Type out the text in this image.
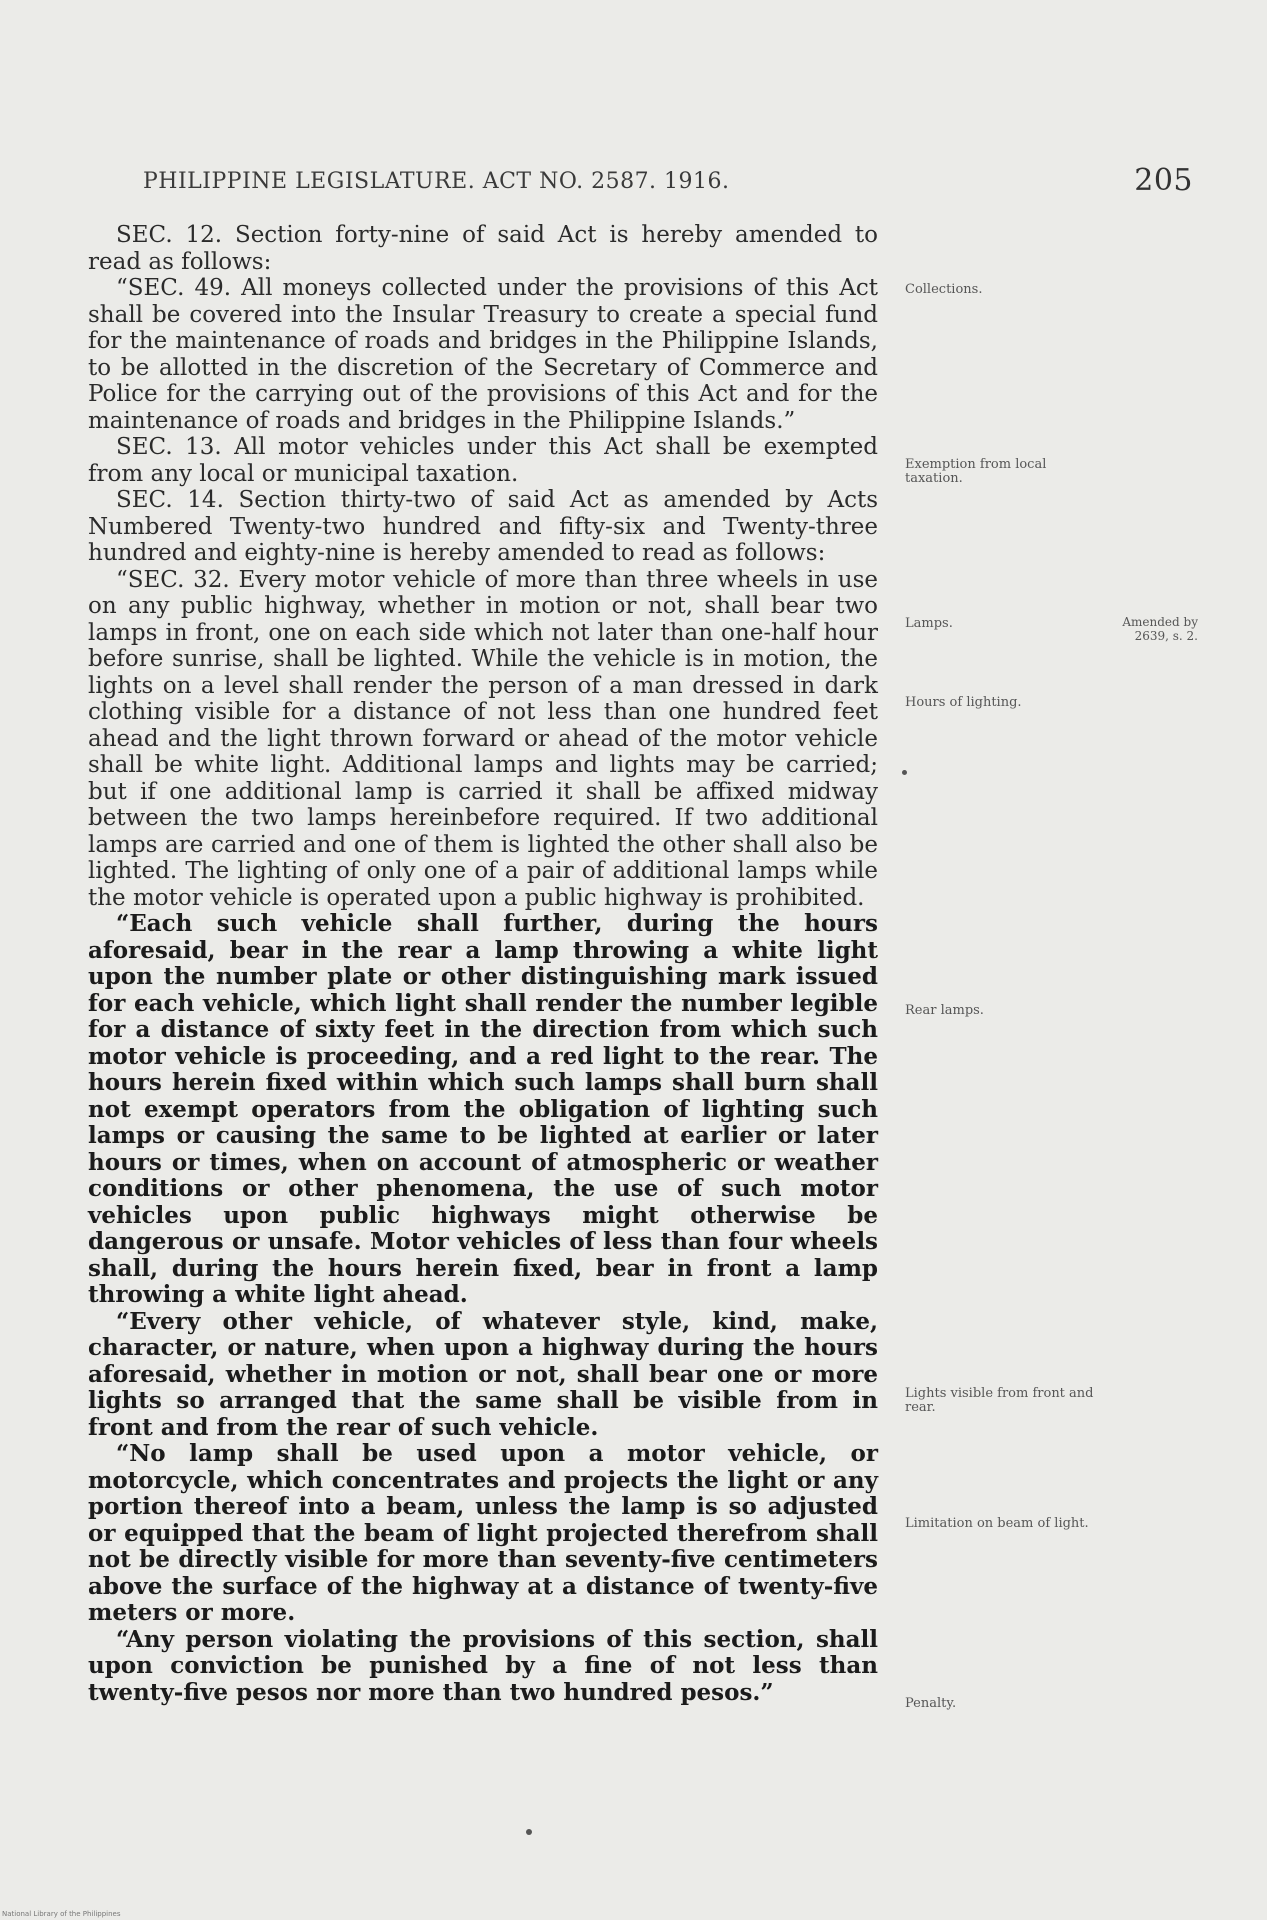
PHILIPPINE LEGISLATURE. ACT NO. 2587. 1916.	205

SEC. 12. Section forty-nine of said Act is hereby amended to read as follows:

“SEC. 49. All moneys collected under the provisions of this Act shall be covered into the Insular Treasury to create a special fund for the maintenance of roads and bridges in the Philippine Islands, to be allotted in the discretion of the Secretary of Commerce and Police for the carrying out of the provisions of this Act and for the maintenance of roads and bridges in the Philippine Islands.”

SEC. 13. All motor vehicles under this Act shall be exempted from any local or municipal taxation.

SEC. 14. Section thirty-two of said Act as amended by Acts Numbered Twenty-two hundred and fifty-six and Twenty-three hundred and eighty-nine is hereby amended to read as follows:

“SEC. 32. Every motor vehicle of more than three wheels in use on any public highway, whether in motion or not, shall bear two lamps in front, one on each side which not later than one-half hour before sunrise, shall be lighted. While the vehicle is in motion, the lights on a level shall render the person of a man dressed in dark clothing visible for a distance of not less than one hundred feet ahead and the light thrown forward or ahead of the motor vehicle shall be white light. Additional lamps and lights may be carried; but if one additional lamp is carried it shall be affixed midway between the two lamps hereinbefore required. If two additional lamps are carried and one of them is lighted the other shall also be lighted. The lighting of only one of a pair of additional lamps while the motor vehicle is operated upon a public highway is prohibited.

“Each such vehicle shall further, during the hours aforesaid, bear in the rear a lamp throwing a white light upon the number plate or other distinguishing mark issued for each vehicle, which light shall render the number legible for a distance of sixty feet in the direction from which such motor vehicle is proceeding, and a red light to the rear. The hours herein fixed within which such lamps shall burn shall not exempt operators from the obligation of lighting such lamps or causing the same to be lighted at earlier or later hours or times, when on account of atmospheric or weather conditions or other phenomena, the use of such motor vehicles upon public highways might otherwise be dangerous or unsafe. Motor vehicles of less than four wheels shall, during the hours herein fixed, bear in front a lamp throwing a white light ahead.

“Every other vehicle, of whatever style, kind, make, character, or nature, when upon a highway during the hours aforesaid, whether in motion or not, shall bear one or more lights so arranged that the same shall be visible from in front and from the rear of such vehicle.

“No lamp shall be used upon a motor vehicle, or motorcycle, which concentrates and projects the light or any portion thereof into a beam, unless the lamp is so adjusted or equipped that the beam of light projected therefrom shall not be directly visible for more than seventy-five centimeters above the surface of the highway at a distance of twenty-five meters or more.

“Any person violating the provisions of this section, shall upon conviction be punished by a fine of not less than twenty-five pesos nor more than two hundred pesos.”

Collections.
Exemption from local taxation.
Lamps.	Amended by 2639, s. 2.
Hours of lighting.
Rear lamps.
Lights visible from front and rear.
Limitation on beam of light.
Penalty.
National Library of the Philippines
